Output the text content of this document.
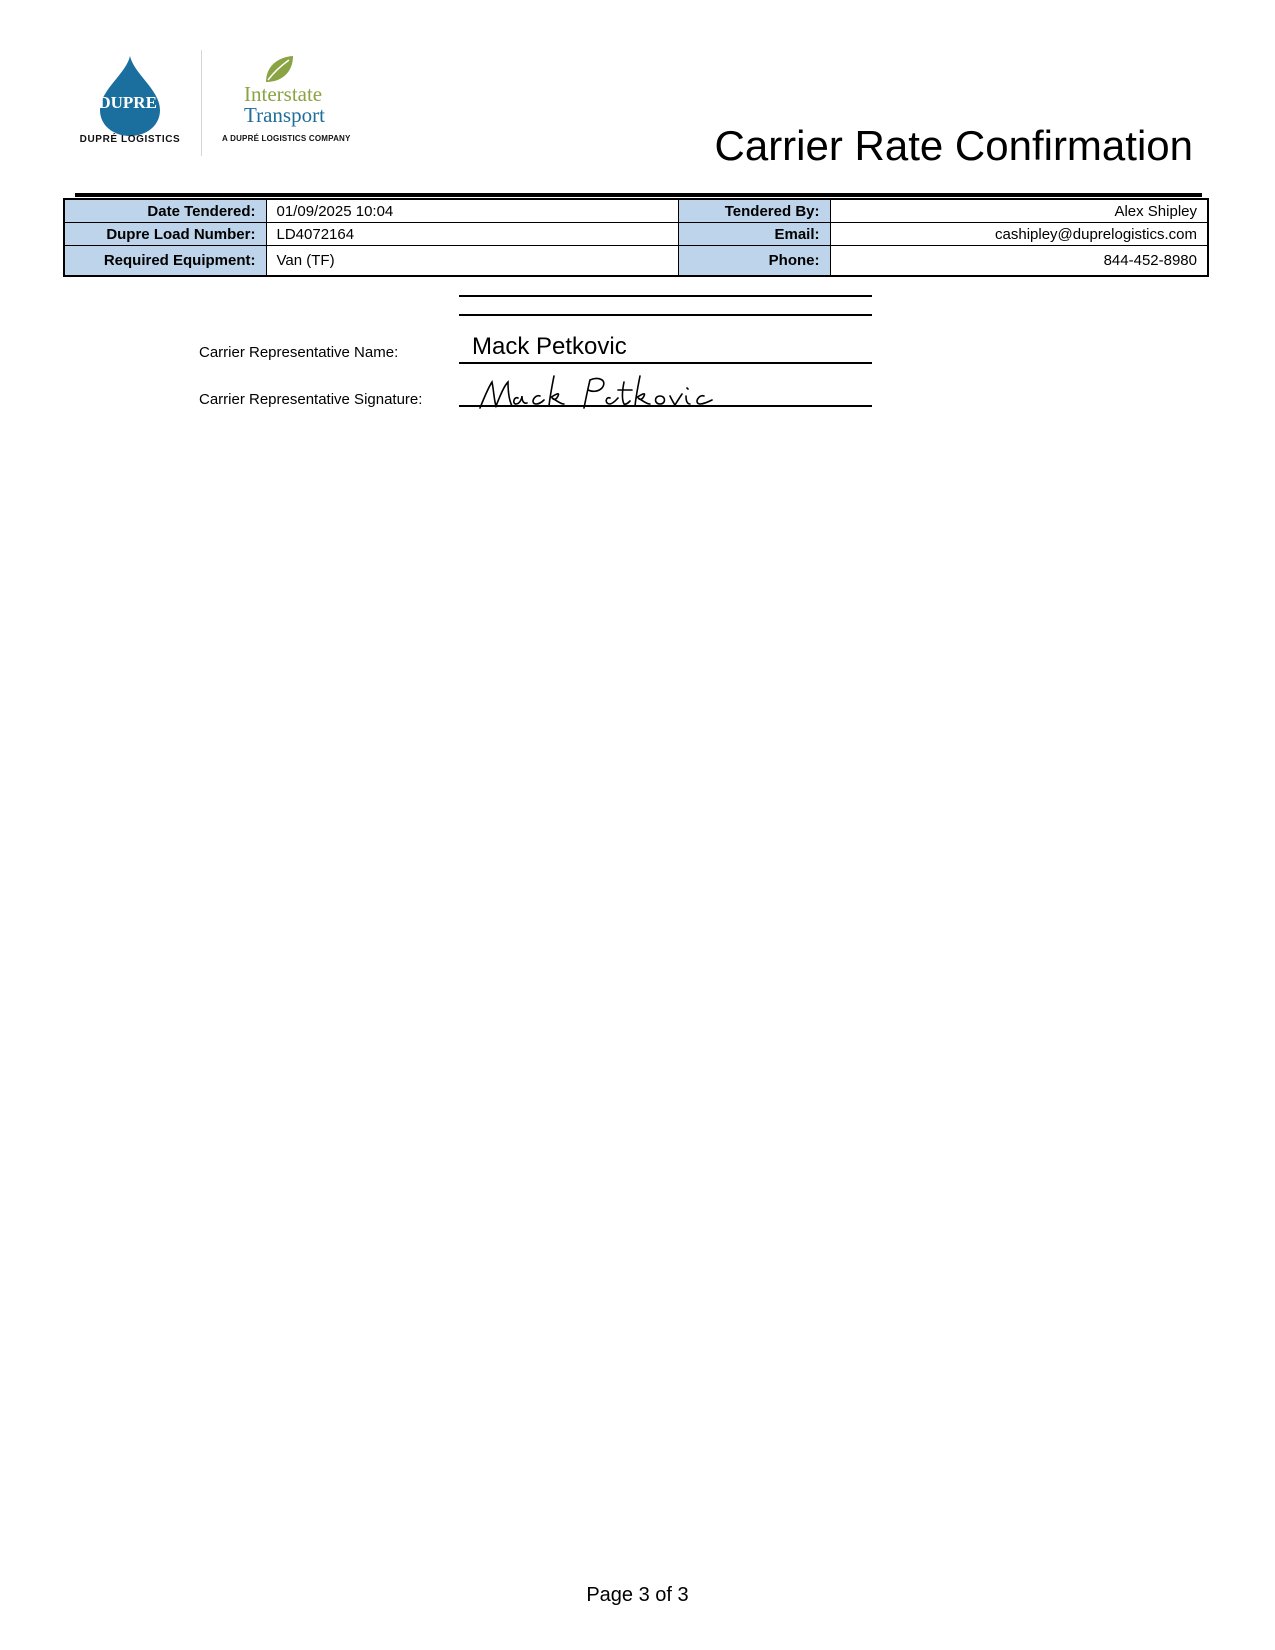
DUPRE'
DUPRÉ LOGISTICS
Interstate
Transport
A DUPRÉ LOGISTICS COMPANY	Carrier Rate Confirmation
Date Tendered:	01/09/2025 10:04	Tendered By:	Alex Shipley
Dupre Load Number:	LD4072164	Email:	cashipley@duprelogistics.com
Required Equipment:	Van (TF)	Phone:	844-452-8980
Carrier Representative Name:	Mack Petkovic
Carrier Representative Signature:
Page 3 of 3
